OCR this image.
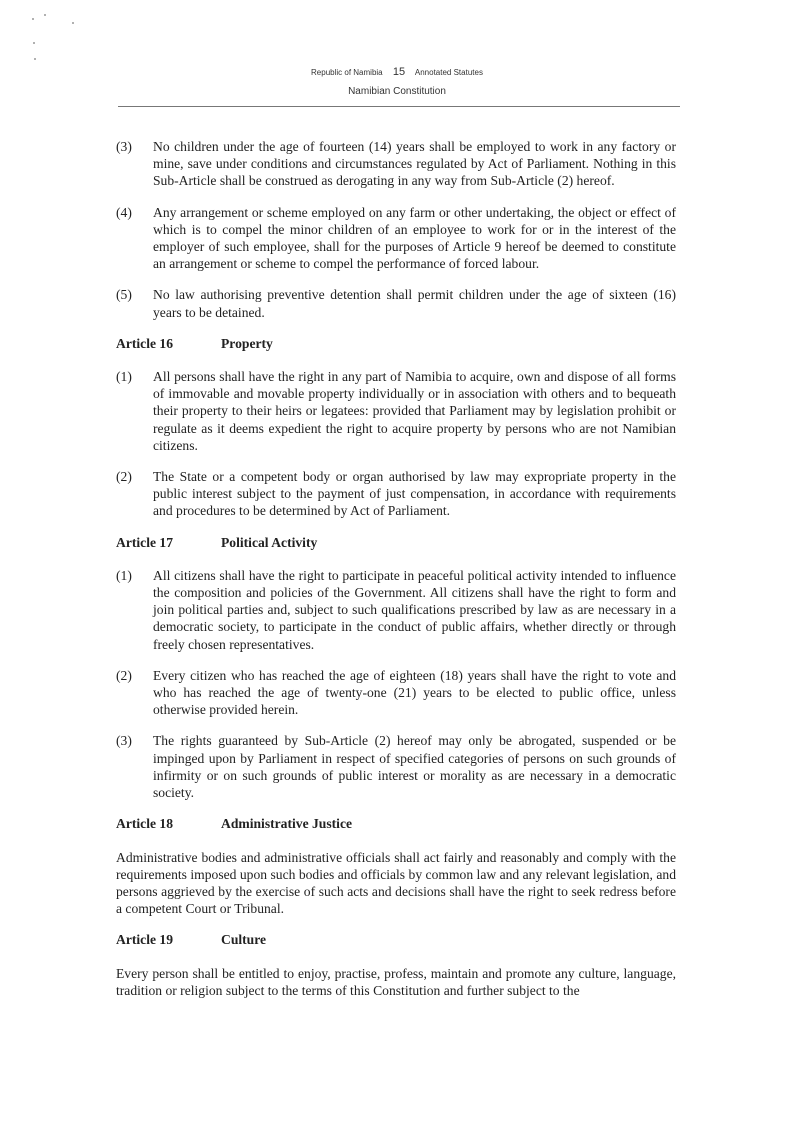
Republic of Namibia 15 Annotated Statutes
Namibian Constitution
(3)	No children under the age of fourteen (14) years shall be employed to work in any factory or mine, save under conditions and circumstances regulated by Act of Parliament. Nothing in this Sub-Article shall be construed as derogating in any way from Sub-Article (2) hereof.
(4)	Any arrangement or scheme employed on any farm or other undertaking, the object or effect of which is to compel the minor children of an employee to work for or in the interest of the employer of such employee, shall for the purposes of Article 9 hereof be deemed to constitute an arrangement or scheme to compel the performance of forced labour.
(5)	No law authorising preventive detention shall permit children under the age of sixteen (16) years to be detained.
Article 16	Property
(1)	All persons shall have the right in any part of Namibia to acquire, own and dispose of all forms of immovable and movable property individually or in association with others and to bequeath their property to their heirs or legatees: provided that Parliament may by legislation prohibit or regulate as it deems expedient the right to acquire property by persons who are not Namibian citizens.
(2)	The State or a competent body or organ authorised by law may expropriate property in the public interest subject to the payment of just compensation, in accordance with requirements and procedures to be determined by Act of Parliament.
Article 17	Political Activity
(1)	All citizens shall have the right to participate in peaceful political activity intended to influence the composition and policies of the Government. All citizens shall have the right to form and join political parties and, subject to such qualifications prescribed by law as are necessary in a democratic society, to participate in the conduct of public affairs, whether directly or through freely chosen representatives.
(2)	Every citizen who has reached the age of eighteen (18) years shall have the right to vote and who has reached the age of twenty-one (21) years to be elected to public office, unless otherwise provided herein.
(3)	The rights guaranteed by Sub-Article (2) hereof may only be abrogated, suspended or be impinged upon by Parliament in respect of specified categories of persons on such grounds of infirmity or on such grounds of public interest or morality as are necessary in a democratic society.
Article 18	Administrative Justice
Administrative bodies and administrative officials shall act fairly and reasonably and comply with the requirements imposed upon such bodies and officials by common law and any relevant legislation, and persons aggrieved by the exercise of such acts and decisions shall have the right to seek redress before a competent Court or Tribunal.
Article 19	Culture
Every person shall be entitled to enjoy, practise, profess, maintain and promote any culture, language, tradition or religion subject to the terms of this Constitution and further subject to the
